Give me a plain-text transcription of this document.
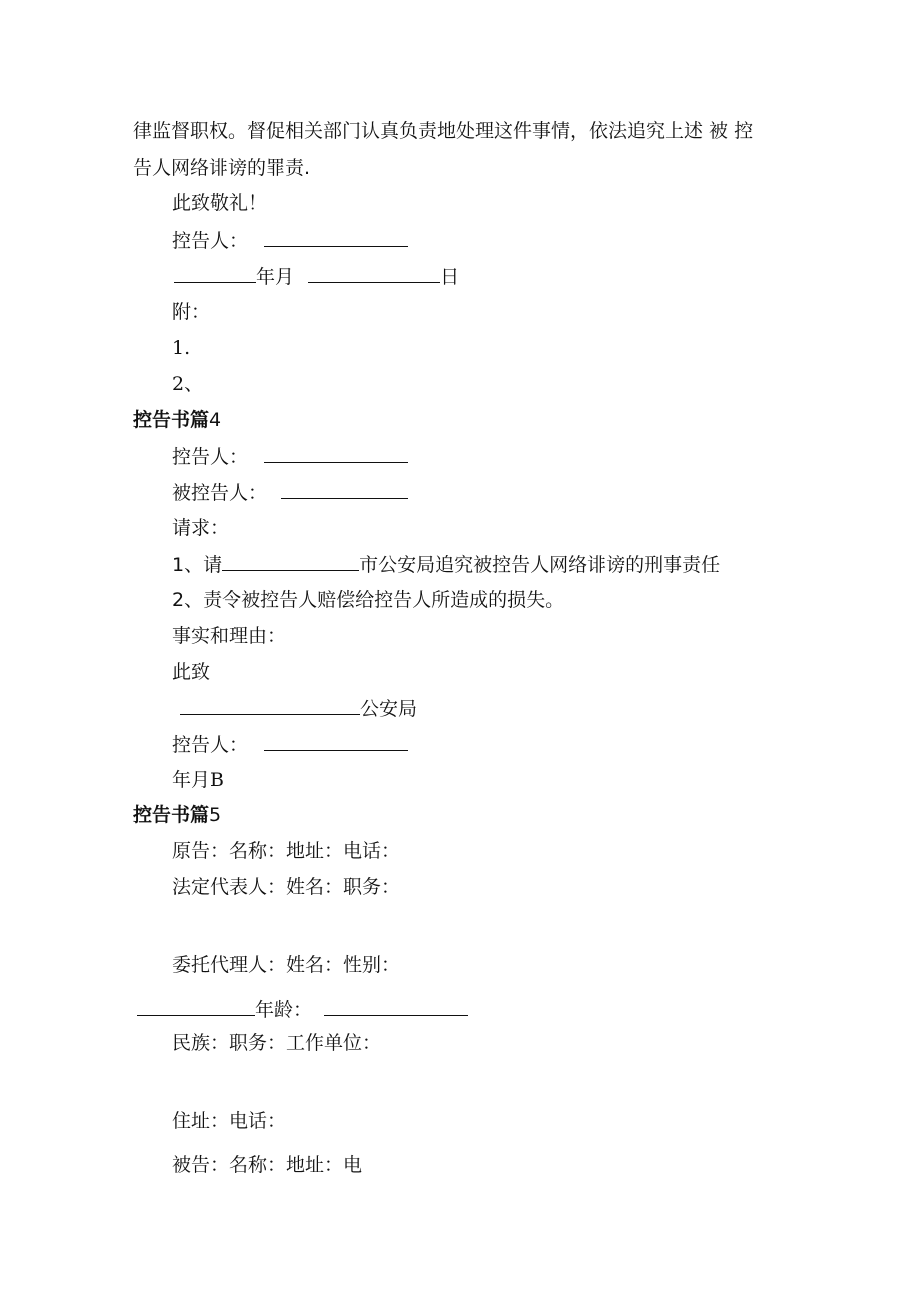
律监督职权。督促相关部门认真负责地处理这件事情，依法追究上述 被 控
告人网络诽谤的罪责.
此致敬礼！
控告人：
年月	日
附：
1.
2、
控告书篇4
控告人：
被控告人：
请求：
1、请	市公安局追究被控告人网络诽谤的刑事责任
2、责令被控告人赔偿给控告人所造成的损失。
事实和理由：
此致
公安局
控告人：
年月B
控告书篇5
原告：名称：地址：电话：
法定代表人：姓名：职务：
委托代理人：姓名：性别：
年龄：
民族：职务：工作单位：
住址：电话：
被告：名称：地址：电
